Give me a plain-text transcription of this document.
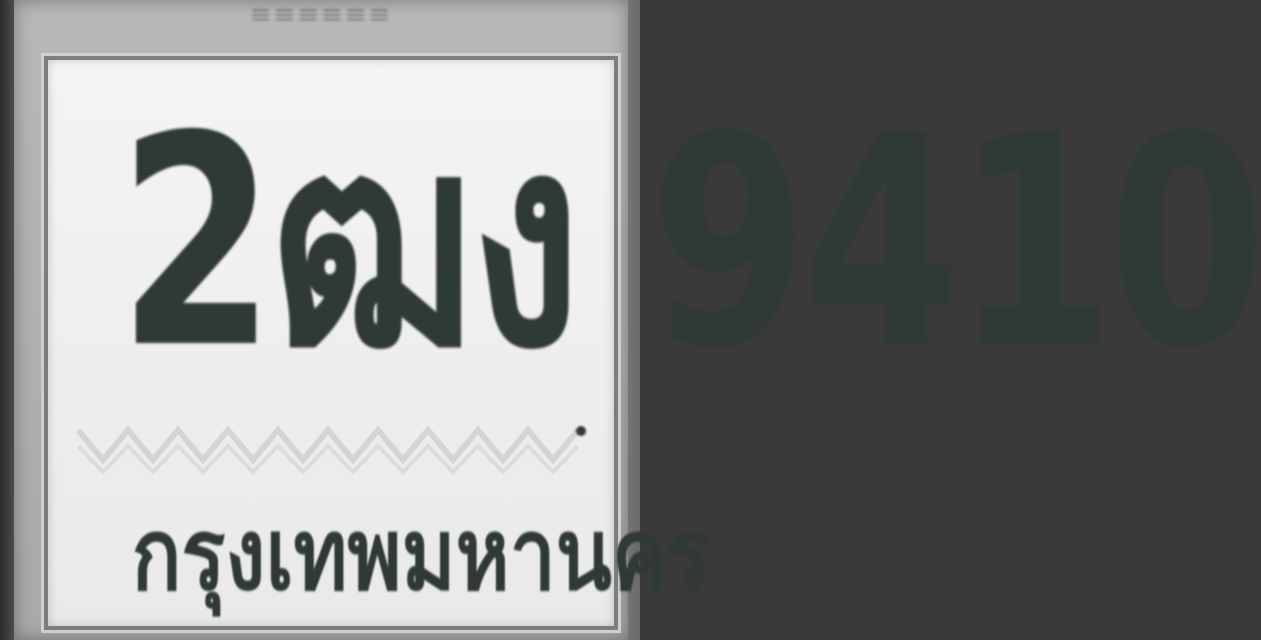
≡≡≡≡≡≡
2ฒง 9410
กรุงเทพมหานคร
